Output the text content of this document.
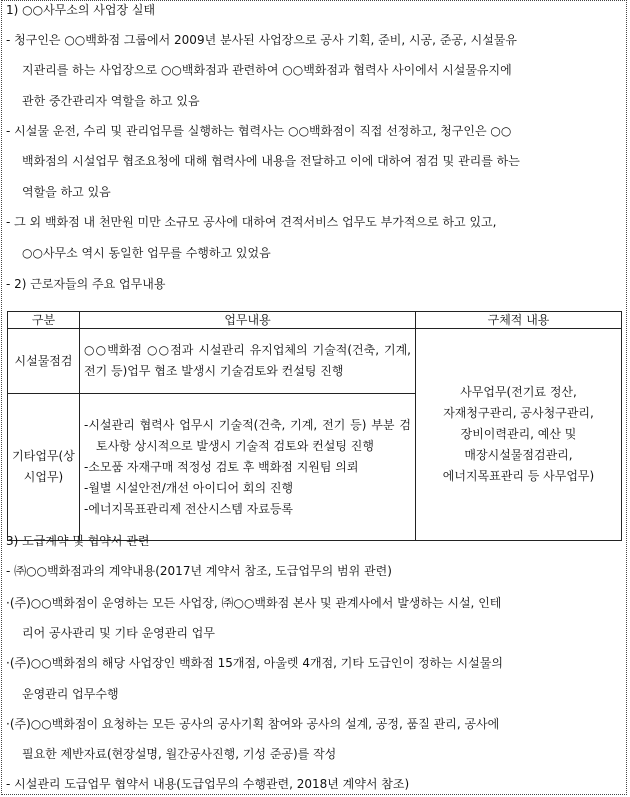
1) ○○사무소의 사업장 실태
- 청구인은 ○○백화점 그룹에서 2009년 분사된 사업장으로 공사 기획, 준비, 시공, 준공, 시설물유
지관리를 하는 사업장으로 ○○백화점과 관련하여 ○○백화점과 협력사 사이에서 시설물유지에
관한 중간관리자 역할을 하고 있음
- 시설물 운전, 수리 및 관리업무를 실행하는 협력사는 ○○백화점이 직접 선정하고, 청구인은 ○○
백화점의 시설업무 협조요청에 대해 협력사에 내용을 전달하고 이에 대하여 점검 및 관리를 하는
역할을 하고 있음
- 그 외 백화점 내 천만원 미만 소규모 공사에 대하여 견적서비스 업무도 부가적으로 하고 있고,
○○사무소 역시 동일한 업무를 수행하고 있었음
- 2) 근로자들의 주요 업무내용
구분	업무내용	구체적 내용
시설물점검	○○백화점 ○○점과 시설관리 유지업체의 기술적(건축, 기계, 전기 등)업무 협조 발생시 기술검토와 컨설팅 진행	사무업무(전기료 정산,
자재청구관리, 공사청구관리,
장비이력관리, 예산 및
매장시설물점검관리,
에너지목표관리 등 사무업무)

기타업무(상시업무)	-시설관리 협력사 업무시 기술적(건축, 기계, 전기 등) 부분 검토사항 상시적으로 발생시 기술적 검토와 컨설팅 진행
-소모품 자재구매 적정성 검토 후 백화점 지원팀 의뢰
-월별 시설안전/개선 아이디어 회의 진행
-에너지목표관리제 전산시스템 자료등록	
3) 도급계약 및 협약서 관련
- ㈜○○백화점과의 계약내용(2017년 계약서 참조, 도급업무의 범위 관련)
·(주)○○백화점이 운영하는 모든 사업장, ㈜○○백화점 본사 및 관계사에서 발생하는 시설, 인테
리어 공사관리 및 기타 운영관리 업무
·(주)○○백화점의 해당 사업장인 백화점 15개점, 아울렛 4개점, 기타 도급인이 정하는 시설물의
운영관리 업무수행
·(주)○○백화점이 요청하는 모든 공사의 공사기획 참여와 공사의 설계, 공정, 품질 관리, 공사에
필요한 제반자료(현장설명, 월간공사진행, 기성 준공)를 작성
- 시설관리 도급업무 협약서 내용(도급업무의 수행관련, 2018년 계약서 참조)
